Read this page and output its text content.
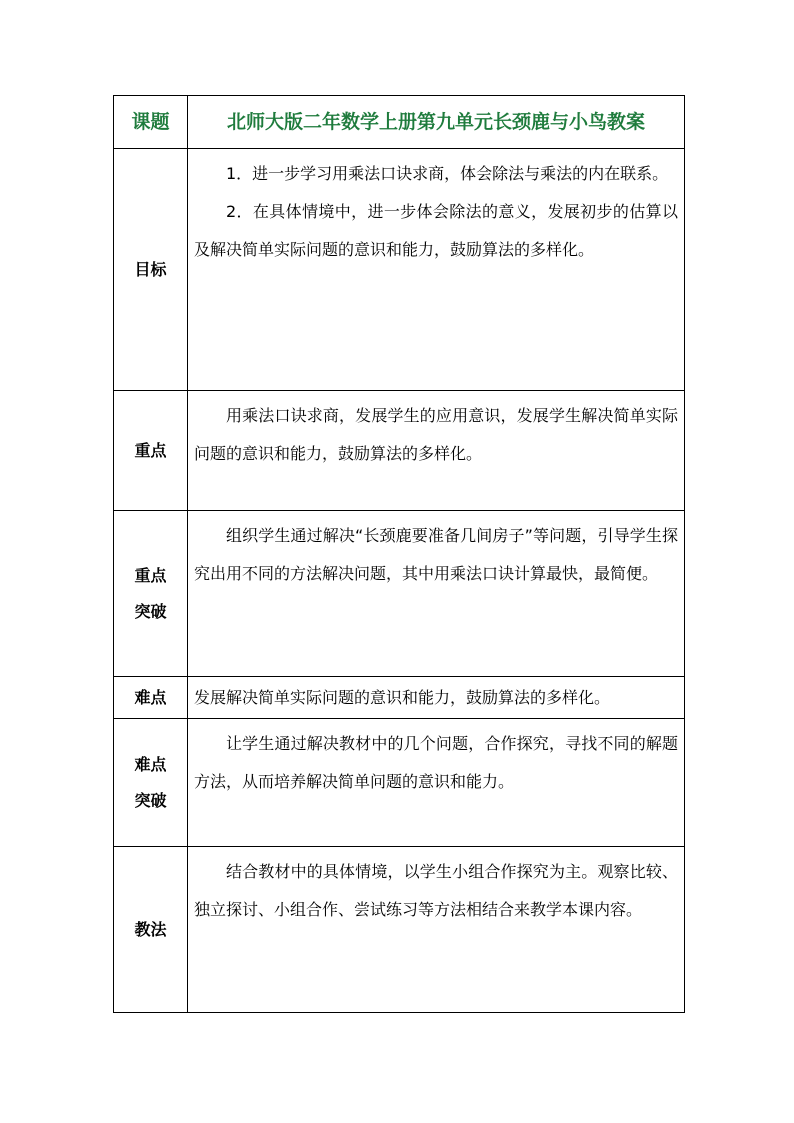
课题	北师大版二年数学上册第九单元长颈鹿与小鸟教案

目标	1．进一步学习用乘法口诀求商，体会除法与乘法的内在联系。

2．在具体情境中，进一步体会除法的意义，发展初步的估算以及解决简单实际问题的意识和能力，鼓励算法的多样化。

重点	用乘法口诀求商，发展学生的应用意识，发展学生解决简单实际问题的意识和能力，鼓励算法的多样化。

重点
突破	组织学生通过解决“长颈鹿要准备几间房子”等问题，引导学生探究出用不同的方法解决问题，其中用乘法口诀计算最快，最简便。

难点	发展解决简单实际问题的意识和能力，鼓励算法的多样化。

难点
突破	让学生通过解决教材中的几个问题，合作探究，寻找不同的解题方法，从而培养解决简单问题的意识和能力。

教法	结合教材中的具体情境，以学生小组合作探究为主。观察比较、独立探讨、小组合作、尝试练习等方法相结合来教学本课内容。
